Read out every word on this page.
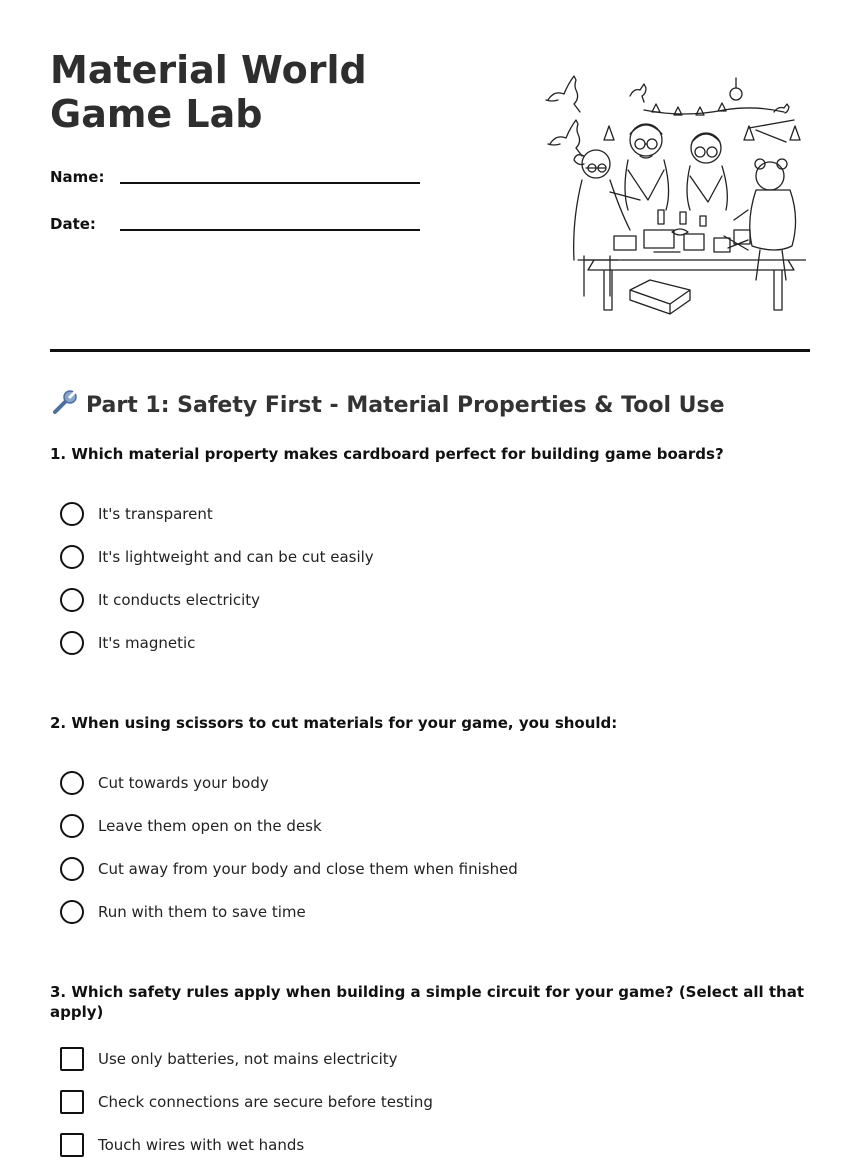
Material World Game Lab
Name:
Date:
Part 1: Safety First - Material Properties & Tool Use

1. Which material property makes cardboard perfect for building game boards?

It's transparent
It's lightweight and can be cut easily
It conducts electricity
It's magnetic

2. When using scissors to cut materials for your game, you should:

Cut towards your body
Leave them open on the desk
Cut away from your body and close them when finished
Run with them to save time

3. Which safety rules apply when building a simple circuit for your game? (Select all that apply)

Use only batteries, not mains electricity
Check connections are secure before testing
Touch wires with wet hands
